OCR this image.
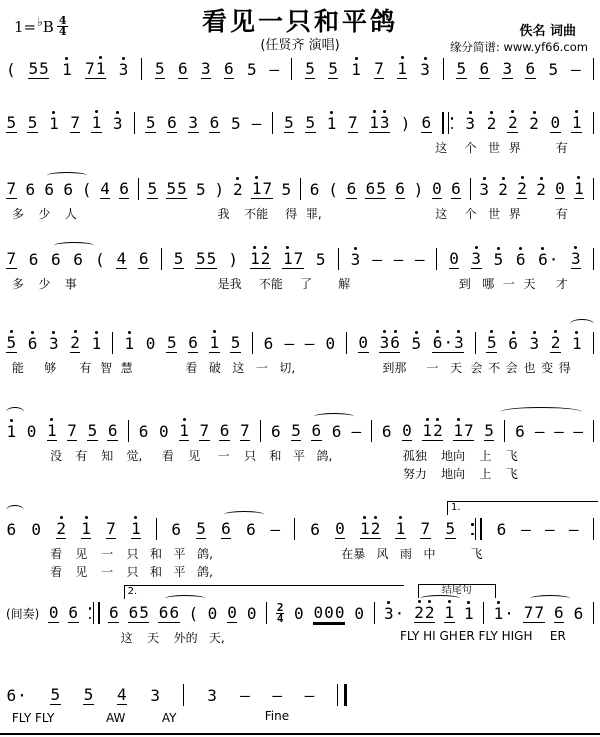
1= ♭ B $\frac{4}{4}$	看见一只和平鸽
(任贤齐 演唱)
佚名 词曲
缘分简谱: www.yf66.com
( 55 1 71 3 5 6 3 6 5 — 5 5 1 7 1 3 5 6 3 6 5 —
5 5 1 7 1 3 5 6 3 6 5 — 5 5 1 7 1
3 ) 6 3 2 2 2 0 1
这 个 世 界	有
7 6 6 6 ( 4 6 5 55 5 ) 2 1
7 5 6 ( 6 65 6 ) 0 6 3 2 2 2 0 1
多 少 人	我 不能 得 罪,	这 个 世 界	有
7 6 6 6 ( 4 6 5 55 ) 1
2 1
7 5 3 — — — 0 3 5 6 6
· 3
多 少 事	是我 不能 了 解	到 哪 一 天 才
5 6 3 2 1 1 0 5 6 1 5 6 — — 0 0 3
6 5 6
·3 5 6 3 2 1
能 够 有 智 慧	看 破 这 一 切,	到那 一 天 会 不 会 也 变 得
1 0 1 7 5 6 6 0 1 7 6 7 6 5 6 6 — 6 0 1
2 1
7 5 6 — — —
没 有 知 觉, 看 见 一 只 和 平 鸽,	孤独 地向 上 飞
努力 地向 上 飞
6 0 2 1 7 1 6 5 6 6 — 6 0 1
2 1 7 5	6 — — —
1.
看 见 一 只 和 平 鸽,	在暴 风 雨 中	飞
看 见 一 只 和 平 鸽,
(间奏) 0 6 6 65 66 ( 0 0 0 2
4 0 000 0 3
· 2
2 1 1 1
· 77 6 6
2.	结尾句
这 天 外的 天,	FLY HI GH ER FLY HIGH ER
6· 5 5 4 3	3 — — —
Fine
FLY FLY	AW	AY
